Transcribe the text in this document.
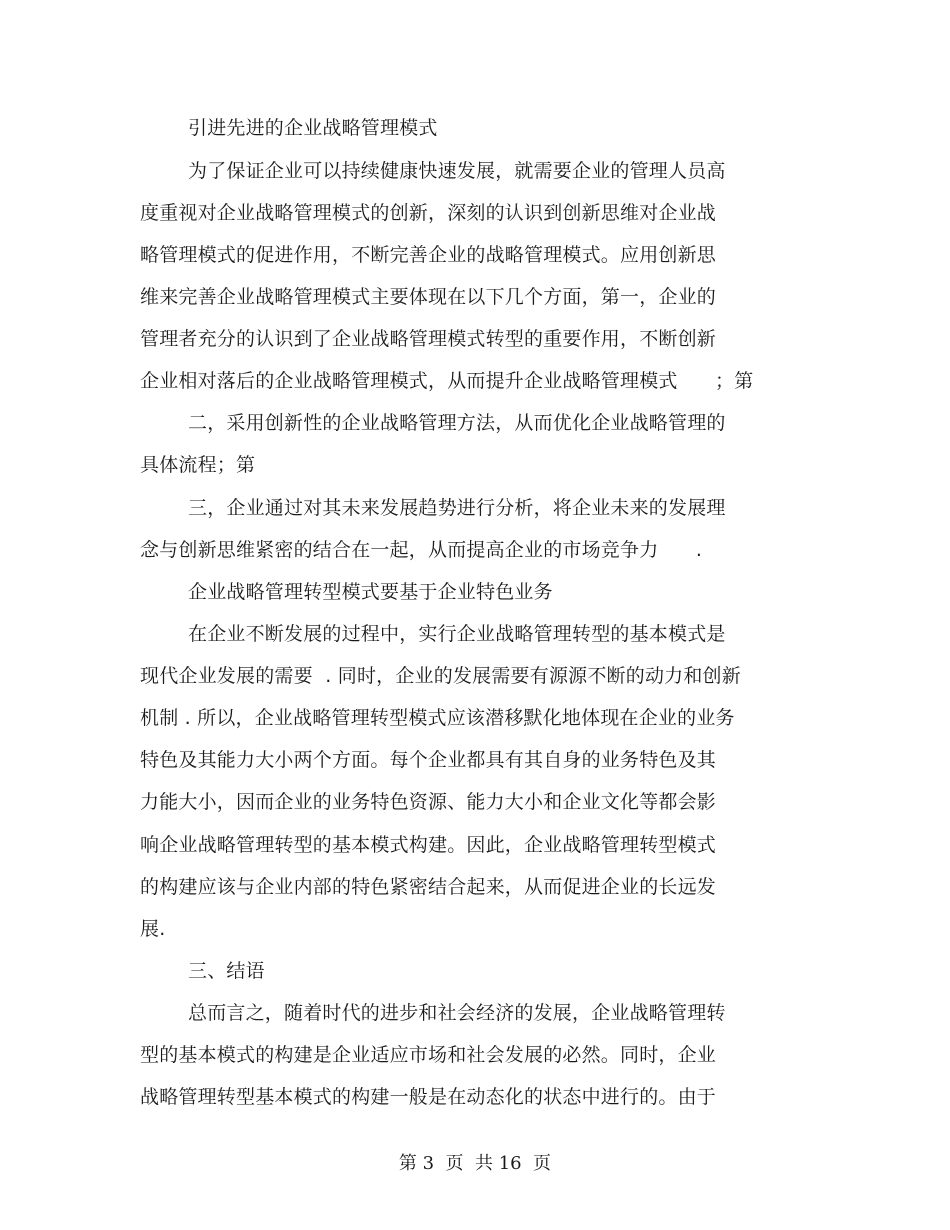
引进先进的企业战略管理模式
为了保证企业可以持续健康快速发展，就需要企业的管理人员高
度重视对企业战略管理模式的创新，深刻的认识到创新思维对企业战
略管理模式的促进作用，不断完善企业的战略管理模式。应用创新思
维来完善企业战略管理模式主要体现在以下几个方面，第一，企业的
管理者充分的认识到了企业战略管理模式转型的重要作用，不断创新
企业相对落后的企业战略管理模式，从而提升企业战略管理模式      ；第
二，采用创新性的企业战略管理方法，从而优化企业战略管理的
具体流程；第
三，企业通过对其未来发展趋势进行分析，将企业未来的发展理
念与创新思维紧密的结合在一起，从而提高企业的市场竞争力      .
企业战略管理转型模式要基于企业特色业务
在企业不断发展的过程中，实行企业战略管理转型的基本模式是
现代企业发展的需要  . 同时，企业的发展需要有源源不断的动力和创新
机制 . 所以，企业战略管理转型模式应该潜移默化地体现在企业的业务
特色及其能力大小两个方面。每个企业都具有其自身的业务特色及其
力能大小，因而企业的业务特色资源、能力大小和企业文化等都会影
响企业战略管理转型的基本模式构建。因此，企业战略管理转型模式
的构建应该与企业内部的特色紧密结合起来，从而促进企业的长远发
展.
三、结语
总而言之，随着时代的进步和社会经济的发展，企业战略管理转
型的基本模式的构建是企业适应市场和社会发展的必然。同时，企业
战略管理转型基本模式的构建一般是在动态化的状态中进行的。由于
第 3  页  共 16  页
